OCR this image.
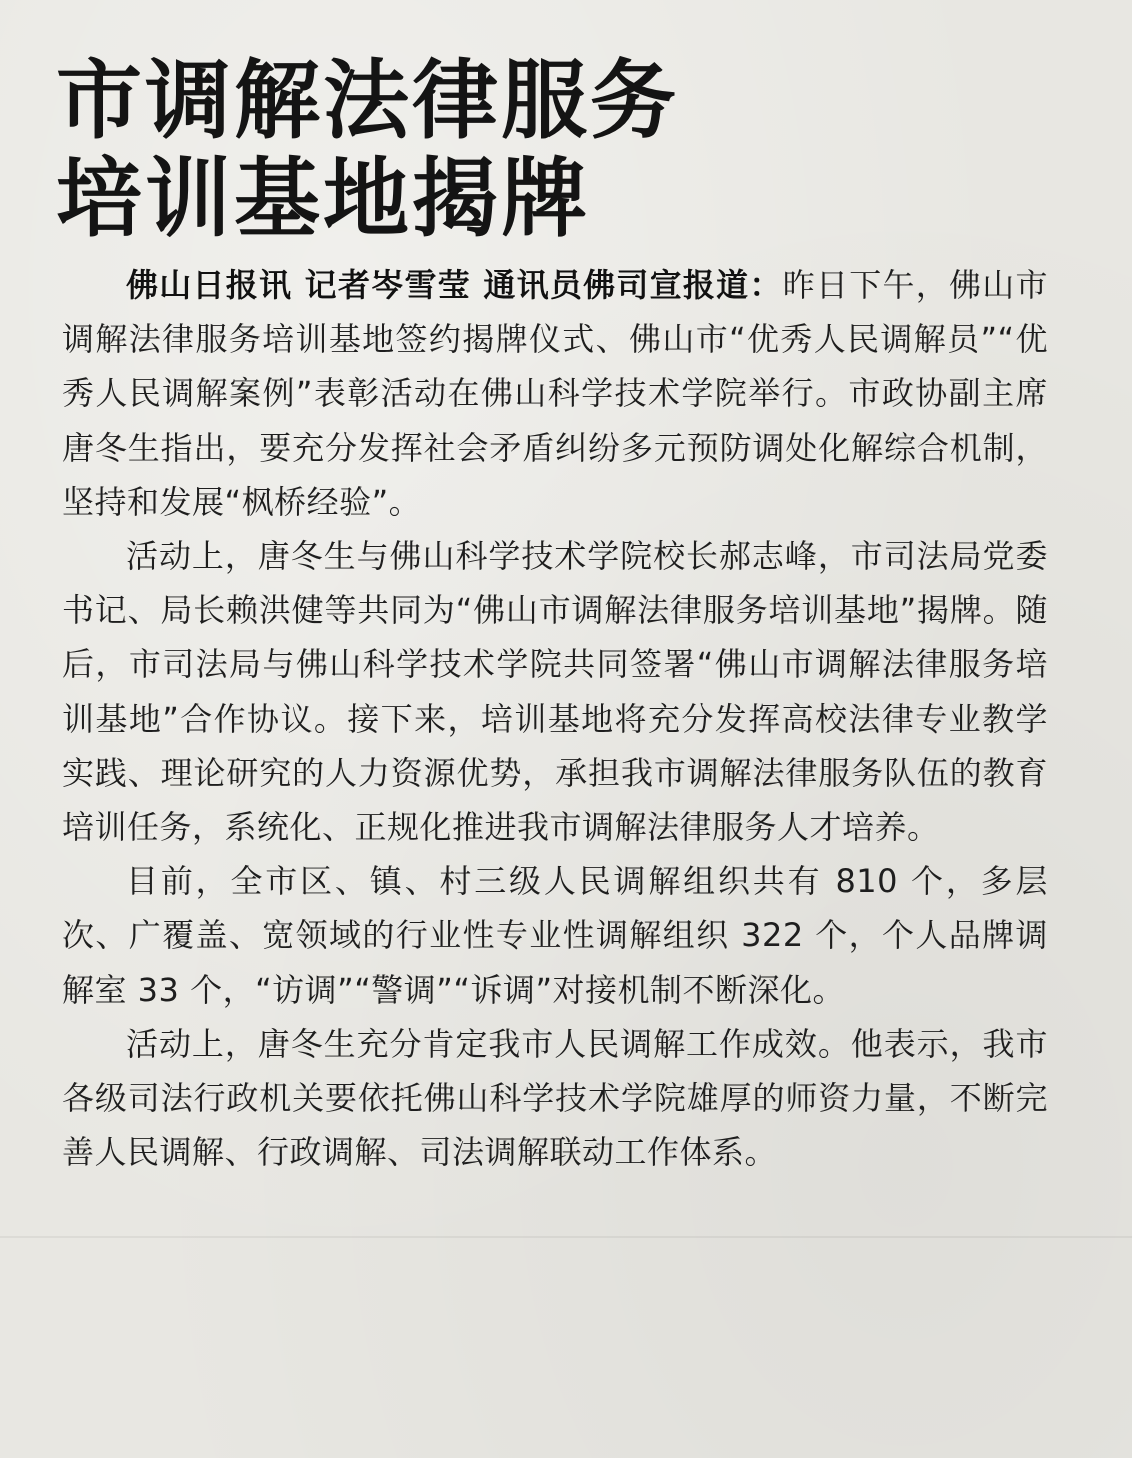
市调解法律服务
培训基地揭牌

佛山日报讯 记者岑雪莹 通讯员佛司宣报道：昨日下午，佛山市调解法律服务培训基地签约揭牌仪式、佛山市“优秀人民调解员”“优秀人民调解案例”表彰活动在佛山科学技术学院举行。市政协副主席唐冬生指出，要充分发挥社会矛盾纠纷多元预防调处化解综合机制，坚持和发展“枫桥经验”。

活动上，唐冬生与佛山科学技术学院校长郝志峰，市司法局党委书记、局长赖洪健等共同为“佛山市调解法律服务培训基地”揭牌。随后，市司法局与佛山科学技术学院共同签署“佛山市调解法律服务培训基地”合作协议。接下来，培训基地将充分发挥高校法律专业教学实践、理论研究的人力资源优势，承担我市调解法律服务队伍的教育培训任务，系统化、正规化推进我市调解法律服务人才培养。

目前，全市区、镇、村三级人民调解组织共有 810 个，多层次、广覆盖、宽领域的行业性专业性调解组织 322 个，个人品牌调解室 33 个，“访调”“警调”“诉调”对接机制不断深化。

活动上，唐冬生充分肯定我市人民调解工作成效。他表示，我市各级司法行政机关要依托佛山科学技术学院雄厚的师资力量，不断完善人民调解、行政调解、司法调解联动工作体系。
